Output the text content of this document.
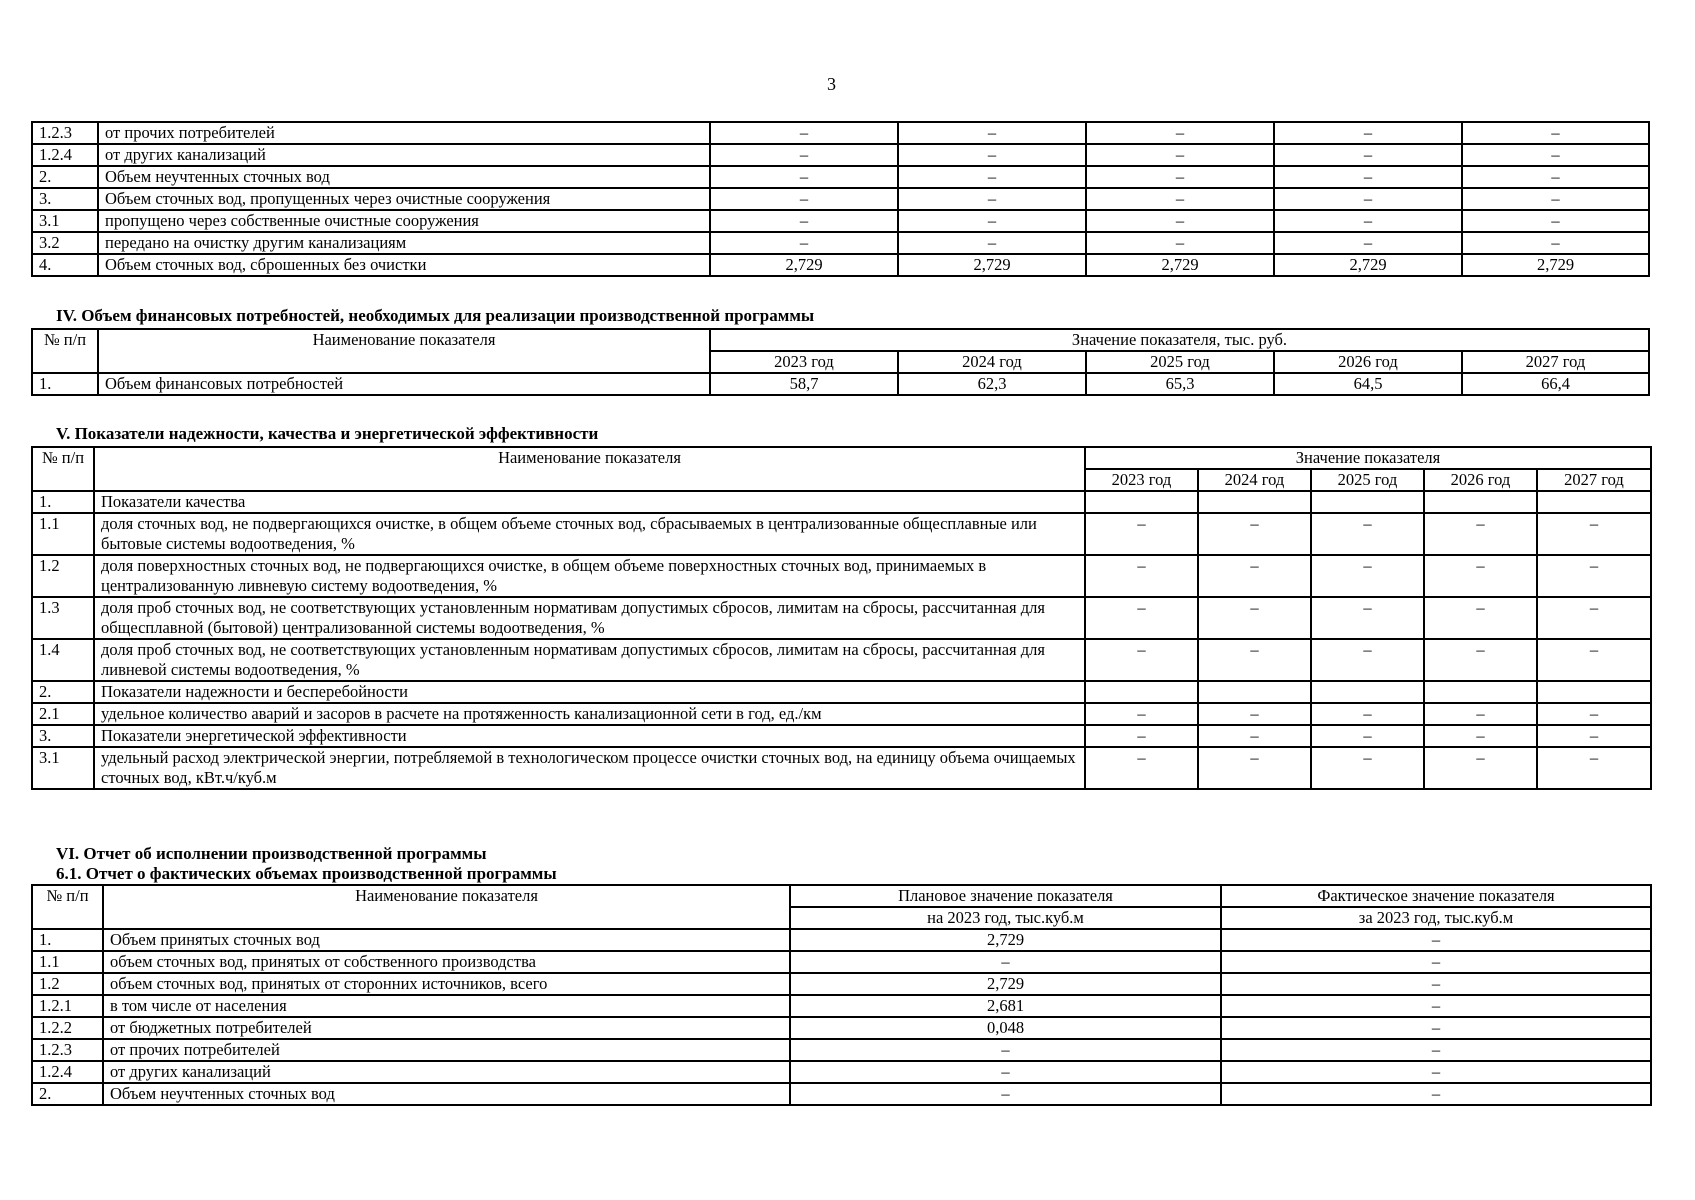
3
1.2.3	от прочих потребителей	–	–	–	–	–
1.2.4	от других канализаций	–	–	–	–	–
2.	Объем неучтенных сточных вод	–	–	–	–	–
3.	Объем сточных вод, пропущенных через очистные сооружения	–	–	–	–	–
3.1	пропущено через собственные очистные сооружения	–	–	–	–	–
3.2	передано на очистку другим канализациям	–	–	–	–	–
4.	Объем сточных вод, сброшенных без очистки	2,729	2,729	2,729	2,729	2,729
IV. Объем финансовых потребностей, необходимых для реализации производственной программы
№ п/п	Наименование показателя	Значение показателя, тыс. руб.				
		2023 год	2024 год	2025 год	2026 год	2027 год
1.	Объем финансовых потребностей	58,7	62,3	65,3	64,5	66,4
V. Показатели надежности, качества и энергетической эффективности
№ п/п	Наименование показателя	Значение показателя				
		2023 год	2024 год	2025 год	2026 год	2027 год
1.	Показатели качества					
1.1	доля сточных вод, не подвергающихся очистке, в общем объеме сточных вод, сбрасываемых в централизованные общесплавные или бытовые системы водоотведения, %	–	–	–	–	–
1.2	доля поверхностных сточных вод, не подвергающихся очистке, в общем объеме поверхностных сточных вод, принимаемых в централизованную ливневую систему водоотведения, %	–	–	–	–	–
1.3	доля проб сточных вод, не соответствующих установленным нормативам допустимых сбросов, лимитам на сбросы, рассчитанная для общесплавной (бытовой) централизованной системы водоотведения, %	–	–	–	–	–
1.4	доля проб сточных вод, не соответствующих установленным нормативам допустимых сбросов, лимитам на сбросы, рассчитанная для ливневой системы водоотведения, %	–	–	–	–	–
2.	Показатели надежности и бесперебойности					
2.1	удельное количество аварий и засоров в расчете на протяженность канализационной сети в год, ед./км	–	–	–	–	–
3.	Показатели энергетической эффективности	–	–	–	–	–
3.1	удельный расход электрической энергии, потребляемой в технологическом процессе очистки сточных вод, на единицу объема очищаемых сточных вод, кВт.ч/куб.м	–	–	–	–	–
VI. Отчет об исполнении производственной программы
6.1. Отчет о фактических объемах производственной программы
№ п/п	Наименование показателя	Плановое значение показателя	Фактическое значение показателя
		на 2023 год, тыс.куб.м	за 2023 год, тыс.куб.м
1.	Объем принятых сточных вод	2,729	–
1.1	объем сточных вод, принятых от собственного производства	–	–
1.2	объем сточных вод, принятых от сторонних источников, всего	2,729	–
1.2.1	в том числе от населения	2,681	–
1.2.2	от бюджетных потребителей	0,048	–
1.2.3	от прочих потребителей	–	–
1.2.4	от других канализаций	–	–
2.	Объем неучтенных сточных вод	–	–
